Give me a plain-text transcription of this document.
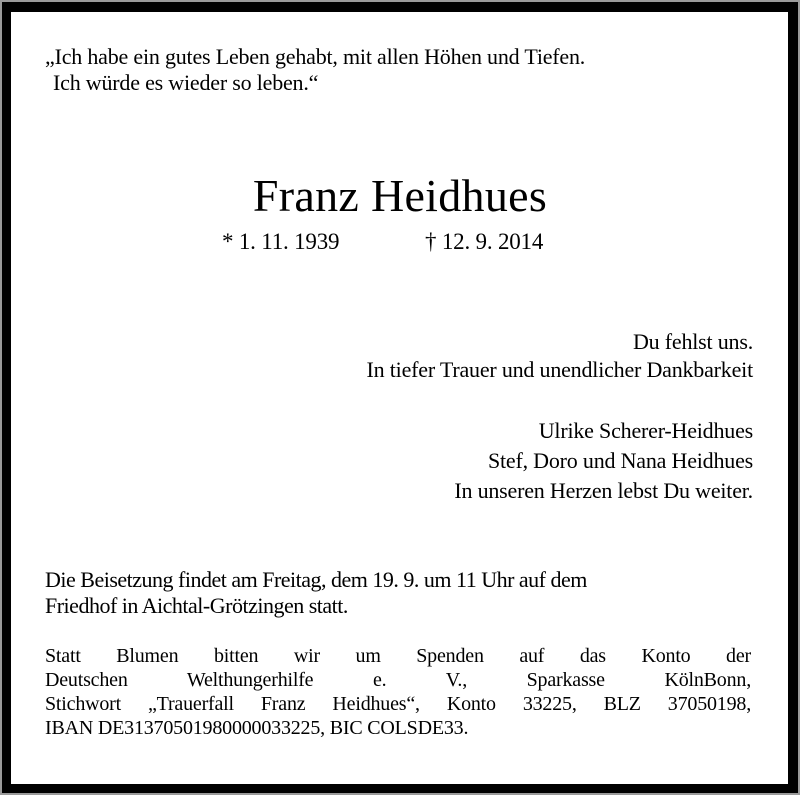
„Ich habe ein gutes Leben gehabt, mit allen Höhen und Tiefen.
Ich würde es wieder so leben.“
Franz Heidhues
* 1. 11. 1939	† 12. 9. 2014
Du fehlst uns.
In tiefer Trauer und unendlicher Dankbarkeit
Ulrike Scherer-Heidhues
Stef, Doro und Nana Heidhues
In unseren Herzen lebst Du weiter.
Die Beisetzung findet am Freitag, dem 19. 9. um 11 Uhr auf dem
Friedhof in Aichtal-Grötzingen statt.
Statt Blumen bitten wir um Spenden auf das Konto der
Deutschen Welthungerhilfe e. V., Sparkasse KölnBonn,
Stichwort „Trauerfall Franz Heidhues“, Konto 33225, BLZ 37050198,
IBAN DE31370501980000033225, BIC COLSDE33.
